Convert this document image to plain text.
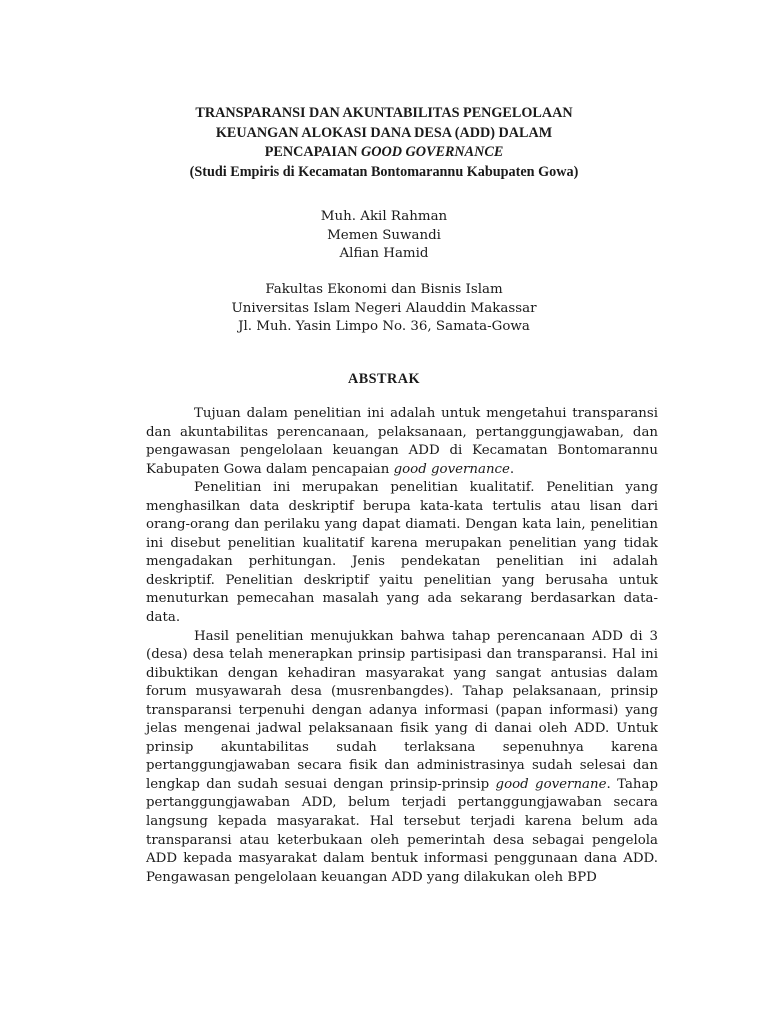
TRANSPARANSI DAN AKUNTABILITAS PENGELOLAAN
KEUANGAN ALOKASI DANA DESA (ADD) DALAM
PENCAPAIAN GOOD GOVERNANCE
(Studi Empiris di Kecamatan Bontomarannu Kabupaten Gowa)
Muh. Akil Rahman
Memen Suwandi
Alfian Hamid
Fakultas Ekonomi dan Bisnis Islam
Universitas Islam Negeri Alauddin Makassar
Jl. Muh. Yasin Limpo No. 36, Samata-Gowa
ABSTRAK

Tujuan dalam penelitian ini adalah untuk mengetahui transparansi dan akuntabilitas perencanaan, pelaksanaan, pertanggungjawaban, dan pengawasan pengelolaan keuangan ADD di Kecamatan Bontomarannu Kabupaten Gowa dalam pencapaian good governance.

Penelitian ini merupakan penelitian kualitatif. Penelitian yang menghasilkan data deskriptif berupa kata-kata tertulis atau lisan dari orang-orang dan perilaku yang dapat diamati. Dengan kata lain, penelitian ini disebut penelitian kualitatif karena merupakan penelitian yang tidak mengadakan perhitungan. Jenis pendekatan penelitian ini adalah deskriptif. Penelitian deskriptif yaitu penelitian yang berusaha untuk menuturkan pemecahan masalah yang ada sekarang berdasarkan data-data.

Hasil penelitian menujukkan bahwa tahap perencanaan ADD di 3 (desa) desa telah menerapkan prinsip partisipasi dan transparansi. Hal ini dibuktikan dengan kehadiran masyarakat yang sangat antusias dalam forum musyawarah desa (musrenbangdes). Tahap pelaksanaan, prinsip transparansi terpenuhi dengan adanya informasi (papan informasi) yang jelas mengenai jadwal pelaksanaan fisik yang di danai oleh ADD. Untuk prinsip akuntabilitas sudah terlaksana sepenuhnya karena pertanggungjawaban secara fisik dan administrasinya sudah selesai dan lengkap dan sudah sesuai dengan prinsip-prinsip good governane. Tahap pertanggungjawaban ADD, belum terjadi pertanggungjawaban secara langsung kepada masyarakat. Hal tersebut terjadi karena belum ada transparansi atau keterbukaan oleh pemerintah desa sebagai pengelola ADD kepada masyarakat dalam bentuk informasi penggunaan dana ADD. Pengawasan pengelolaan keuangan ADD yang dilakukan oleh BPD
